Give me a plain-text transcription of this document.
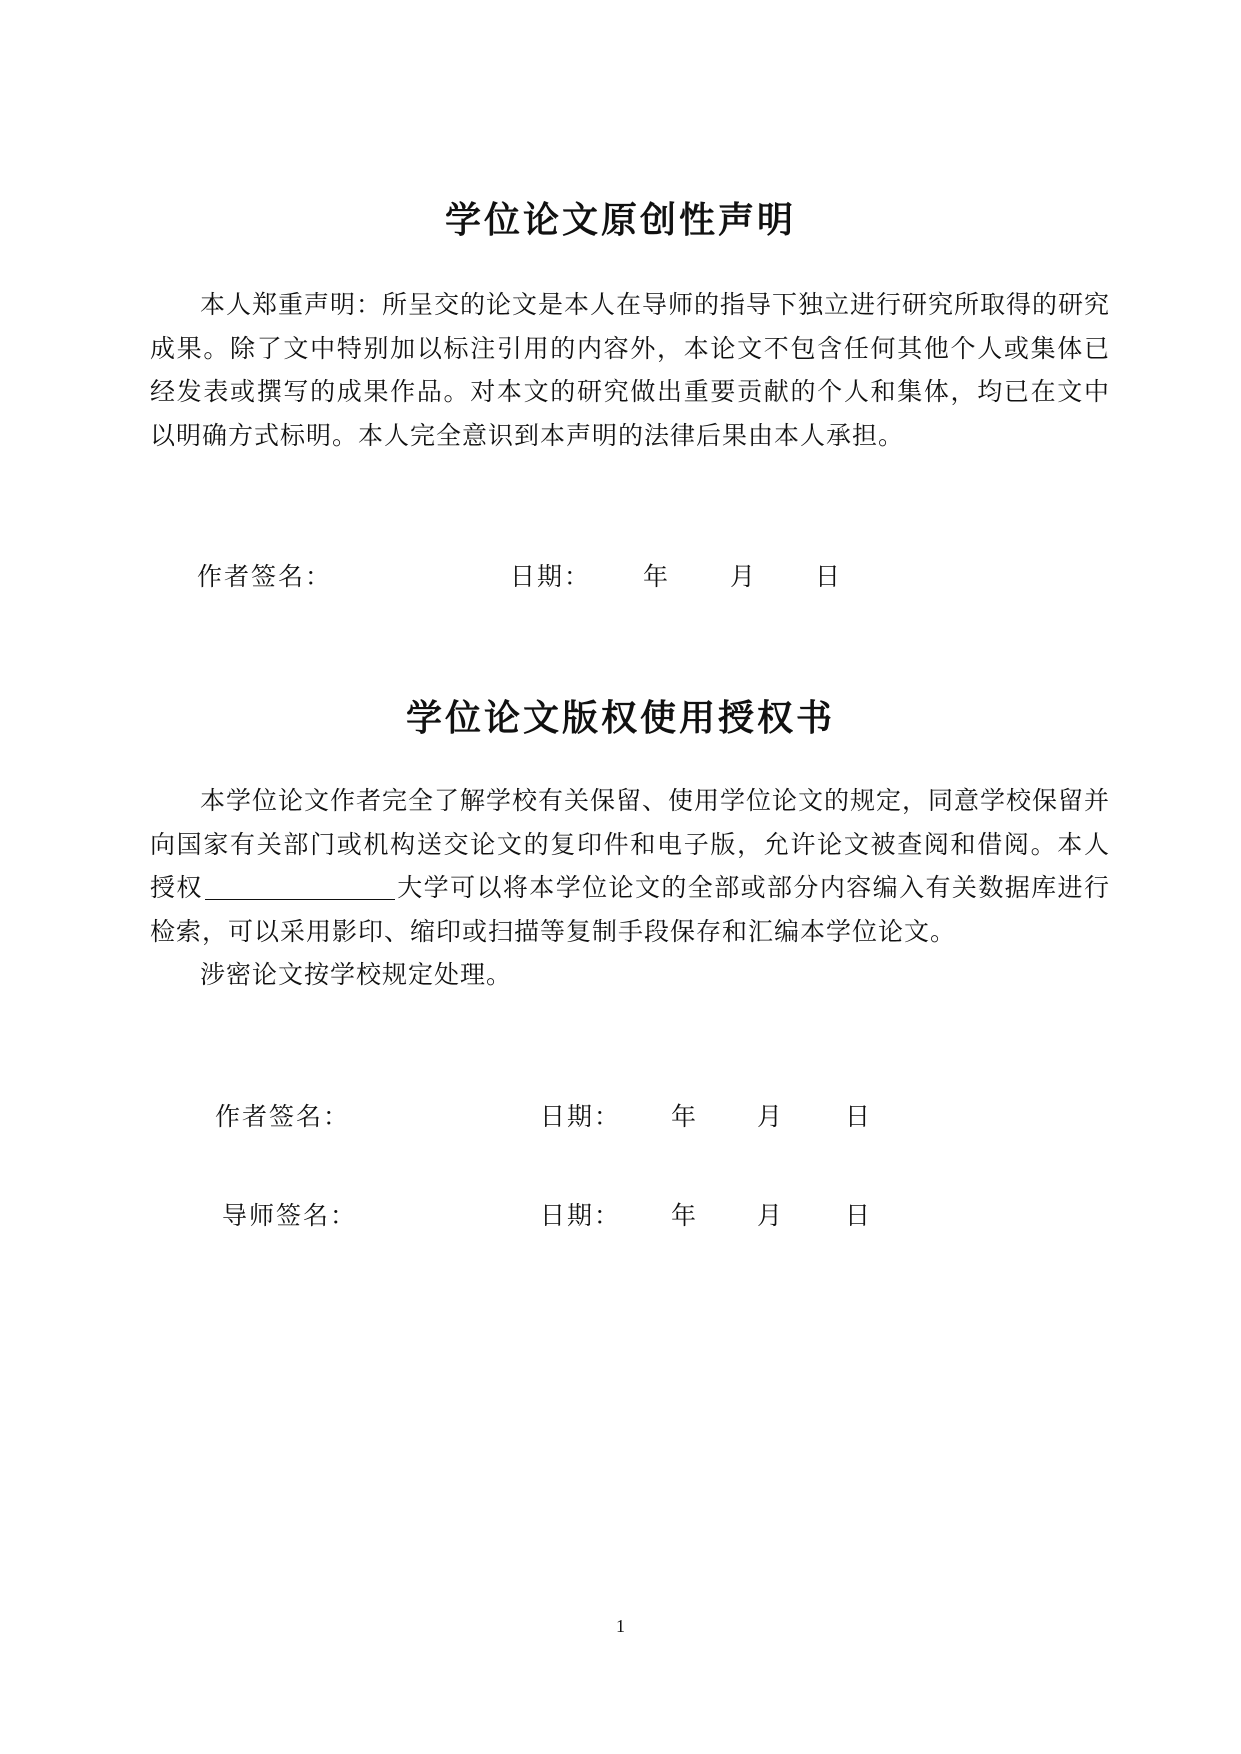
学位论文原创性声明

本人郑重声明：所呈交的论文是本人在导师的指导下独立进行研究所取得的研究成果。除了文中特别加以标注引用的内容外，本论文不包含任何其他个人或集体已经发表或撰写的成果作品。对本文的研究做出重要贡献的个人和集体，均已在文中以明确方式标明。本人完全意识到本声明的法律后果由本人承担。

作者签名：	日期： 年 月 日
学位论文版权使用授权书

本学位论文作者完全了解学校有关保留、使用学位论文的规定，同意学校保留并向国家有关部门或机构送交论文的复印件和电子版，允许论文被查阅和借阅。本人授权	大学可以将本学位论文的全部或部分内容编入有关数据库进行检索，可以采用影印、缩印或扫描等复制手段保存和汇编本学位论文。

涉密论文按学校规定处理。

作者签名：	日期： 年 月 日
导师签名：	日期： 年 月 日
1
